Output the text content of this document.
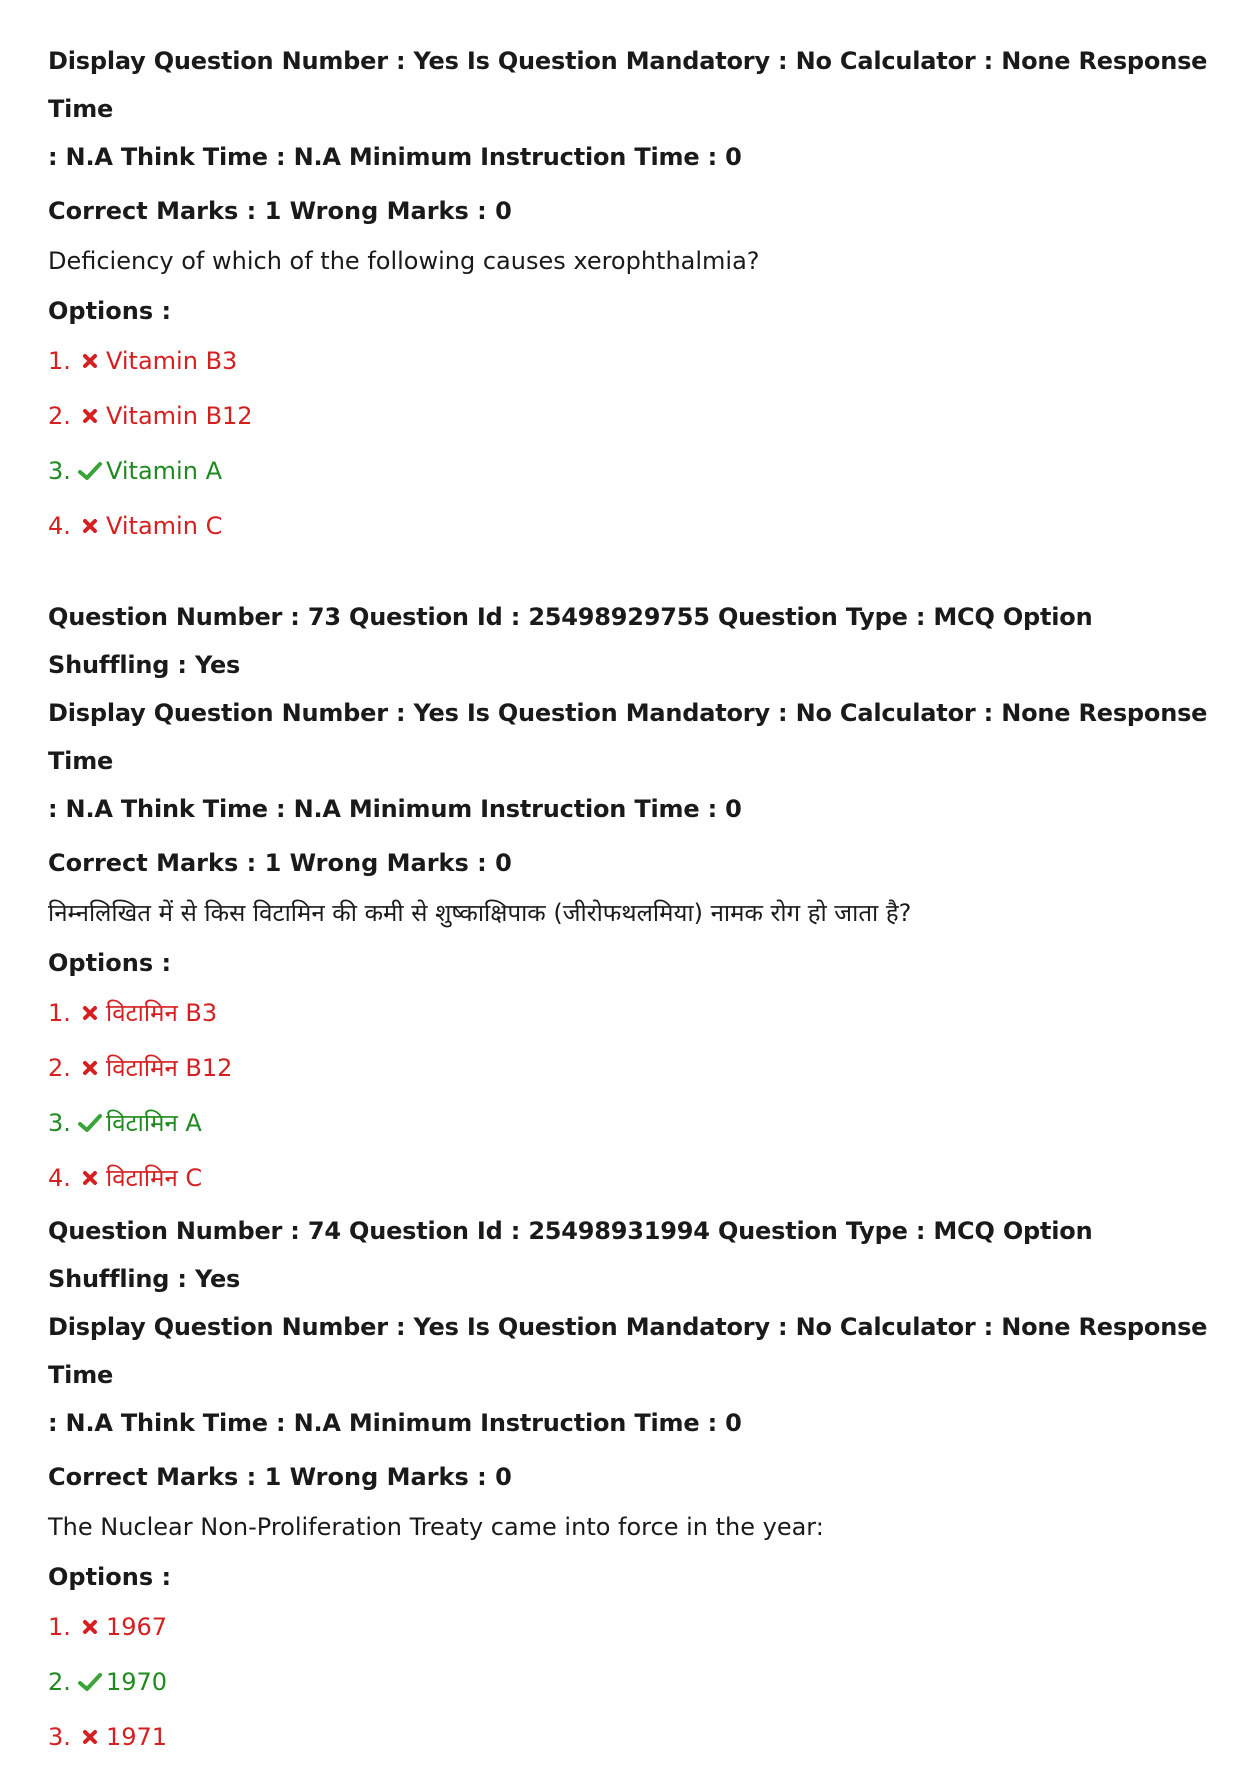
Display Question Number : Yes Is Question Mandatory : No Calculator : None Response Time

: N.A Think Time : N.A Minimum Instruction Time : 0

Correct Marks : 1 Wrong Marks : 0

Deficiency of which of the following causes xerophthalmia?

Options :

1. Vitamin B3
2. Vitamin B12
3. Vitamin A
4. Vitamin C

Question Number : 73 Question Id : 25498929755 Question Type : MCQ Option Shuffling : Yes

Display Question Number : Yes Is Question Mandatory : No Calculator : None Response Time

: N.A Think Time : N.A Minimum Instruction Time : 0

Correct Marks : 1 Wrong Marks : 0

निम्नलिखित में से किस विटामिन की कमी से शुष्काक्षिपाक (जीरोफथलमिया) नामक रोग हो जाता है?

Options :

1. विटामिन B3
2. विटामिन B12
3. विटामिन A
4. विटामिन C

Question Number : 74 Question Id : 25498931994 Question Type : MCQ Option Shuffling : Yes

Display Question Number : Yes Is Question Mandatory : No Calculator : None Response Time

: N.A Think Time : N.A Minimum Instruction Time : 0

Correct Marks : 1 Wrong Marks : 0

The Nuclear Non-Proliferation Treaty came into force in the year:

Options :

1. 1967
2. 1970
3. 1971
